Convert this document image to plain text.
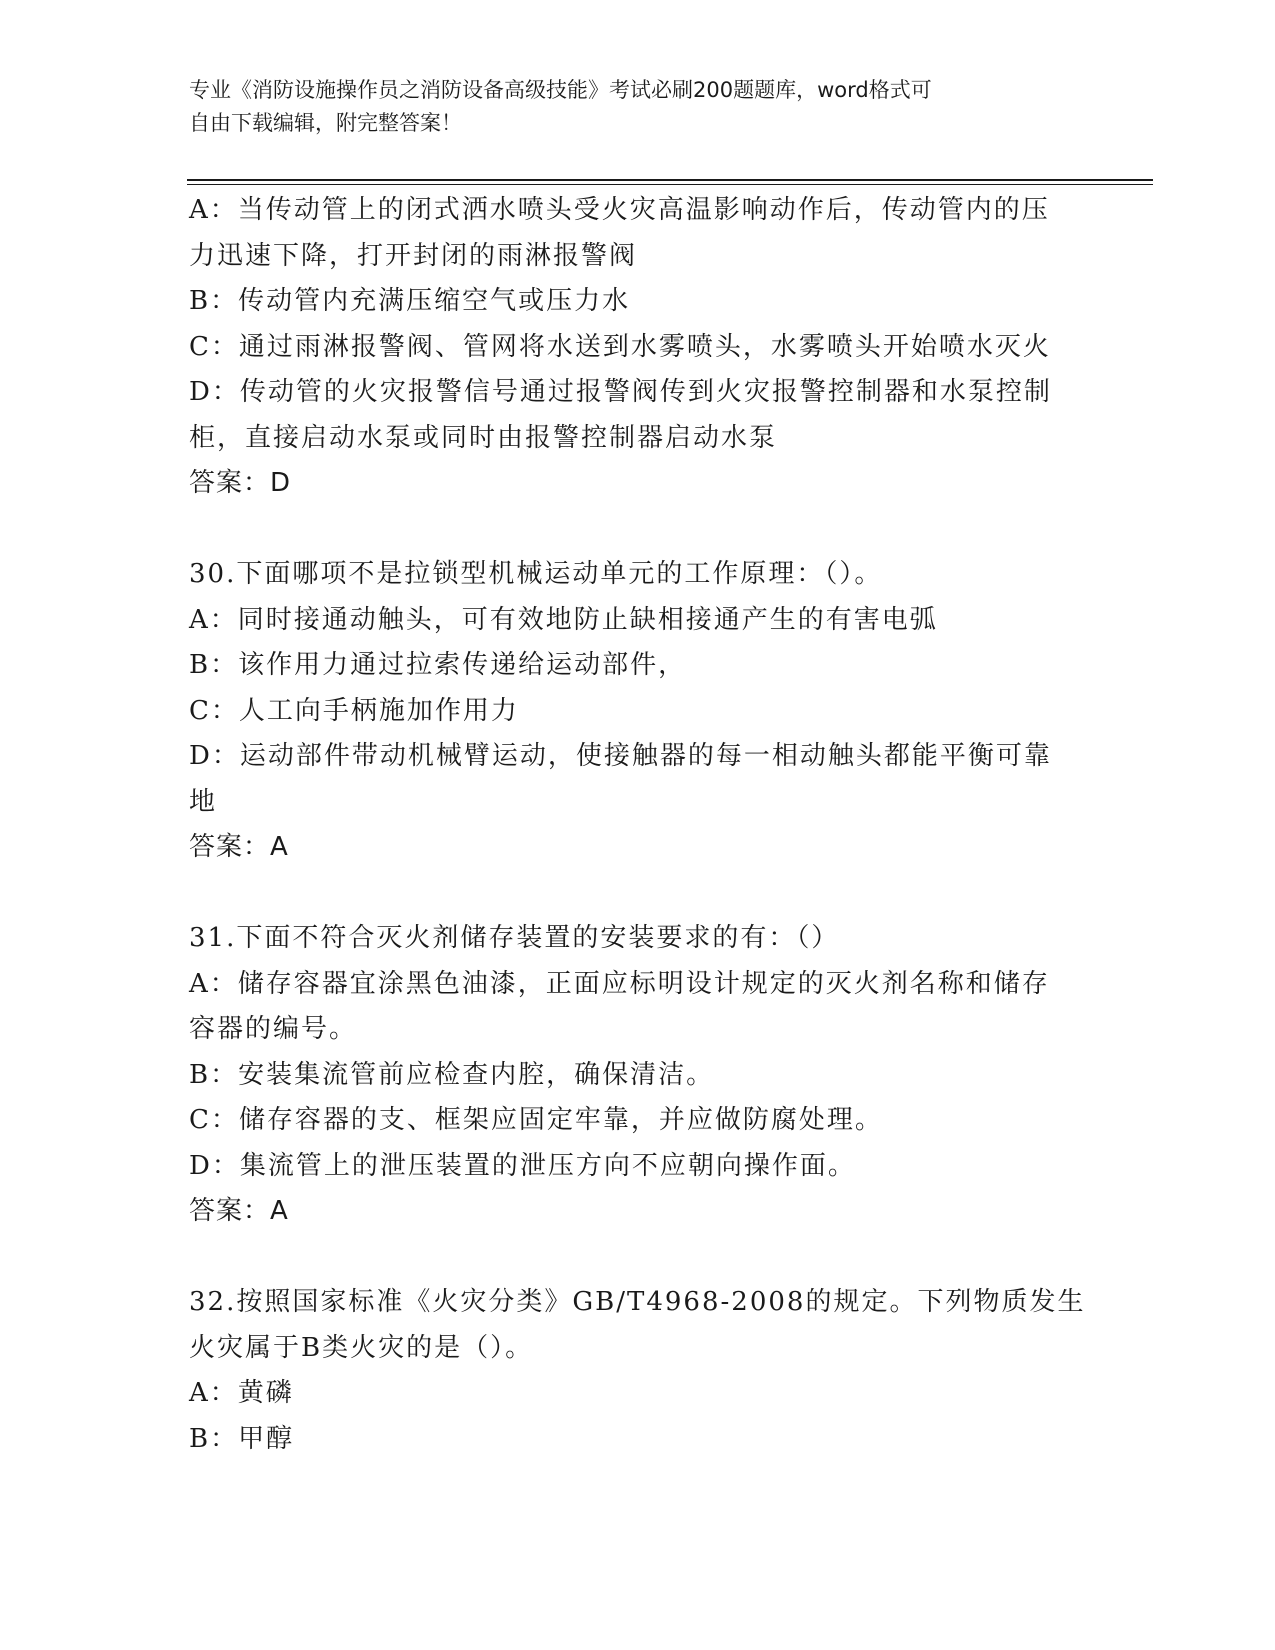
专业《消防设施操作员之消防设备高级技能》考试必刷200题题库，word格式可
自由下载编辑，附完整答案！
A：当传动管上的闭式洒水喷头受火灾高温影响动作后，传动管内的压
力迅速下降，打开封闭的雨淋报警阀
B：传动管内充满压缩空气或压力水
C：通过雨淋报警阀、管网将水送到水雾喷头，水雾喷头开始喷水灭火
D：传动管的火灾报警信号通过报警阀传到火灾报警控制器和水泵控制
柜，直接启动水泵或同时由报警控制器启动水泵
答案：D
30.下面哪项不是拉锁型机械运动单元的工作原理：（）。
A：同时接通动触头，可有效地防止缺相接通产生的有害电弧
B：该作用力通过拉索传递给运动部件，
C：人工向手柄施加作用力
D：运动部件带动机械臂运动，使接触器的每一相动触头都能平衡可靠
地
答案：A
31.下面不符合灭火剂储存装置的安装要求的有：（）
A：储存容器宜涂黑色油漆，正面应标明设计规定的灭火剂名称和储存
容器的编号。
B：安装集流管前应检查内腔，确保清洁。
C：储存容器的支、框架应固定牢靠，并应做防腐处理。
D：集流管上的泄压装置的泄压方向不应朝向操作面。
答案：A
32.按照国家标准《火灾分类》GB/T4968-2008的规定。下列物质发生
火灾属于B类火灾的是（）。
A：黄磷
B：甲醇
